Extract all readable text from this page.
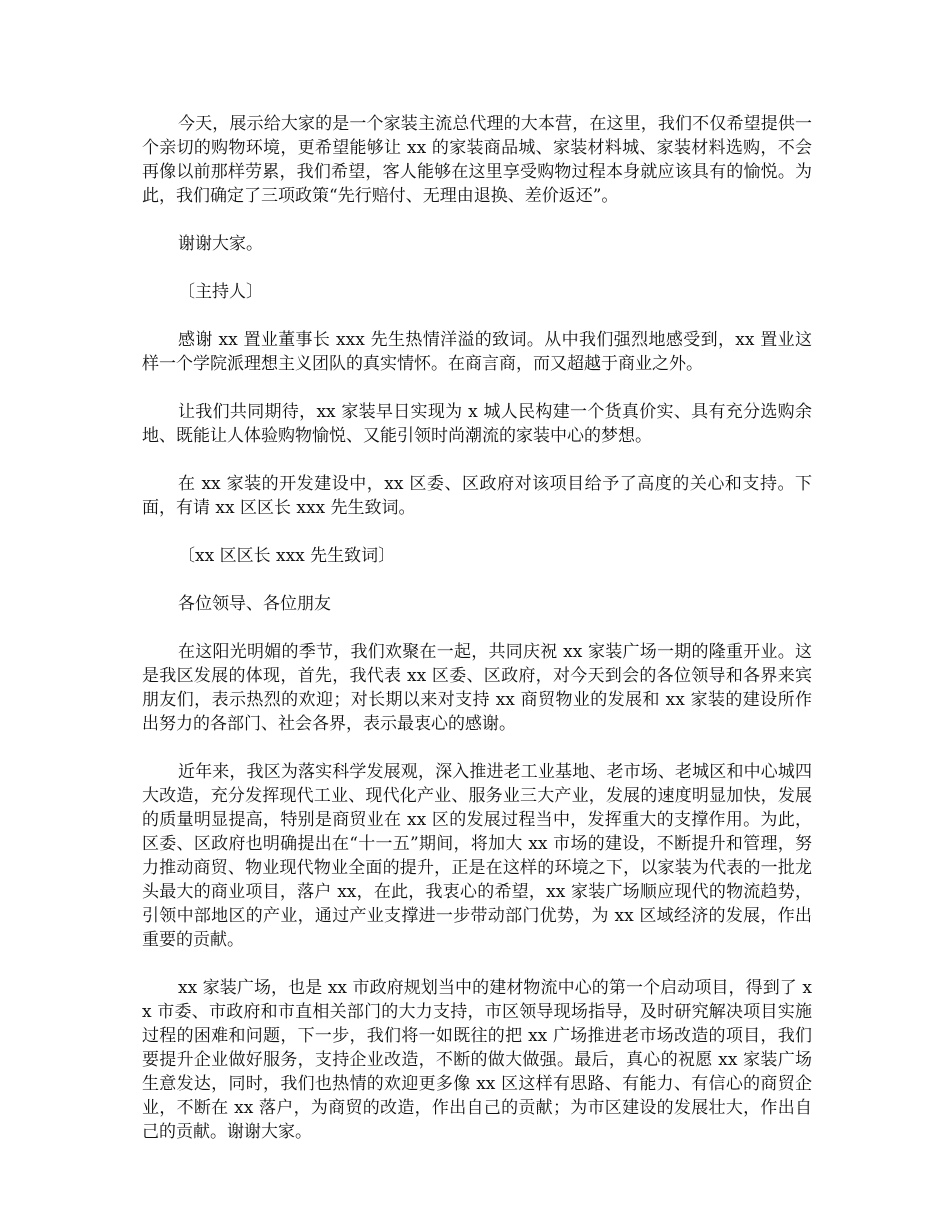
今天，展示给大家的是一个家装主流总代理的大本营，在这里，我们不仅希望提供一个亲切的购物环境，更希望能够让 xx 的家装商品城、家装材料城、家装材料选购，不会再像以前那样劳累，我们希望，客人能够在这里享受购物过程本身就应该具有的愉悦。为此，我们确定了三项政策“先行赔付、无理由退换、差价返还”。

谢谢大家。

〔主持人〕

感谢 xx 置业董事长 xxx 先生热情洋溢的致词。从中我们强烈地感受到，xx 置业这样一个学院派理想主义团队的真实情怀。在商言商，而又超越于商业之外。

让我们共同期待，xx 家装早日实现为 x 城人民构建一个货真价实、具有充分选购余地、既能让人体验购物愉悦、又能引领时尚潮流的家装中心的梦想。

在 xx 家装的开发建设中，xx 区委、区政府对该项目给予了高度的关心和支持。下面，有请 xx 区区长 xxx 先生致词。

〔xx 区区长 xxx 先生致词〕

各位领导、各位朋友

在这阳光明媚的季节，我们欢聚在一起，共同庆祝 xx 家装广场一期的隆重开业。这是我区发展的体现，首先，我代表 xx 区委、区政府，对今天到会的各位领导和各界来宾朋友们，表示热烈的欢迎；对长期以来对支持 xx 商贸物业的发展和 xx 家装的建设所作出努力的各部门、社会各界，表示最衷心的感谢。

近年来，我区为落实科学发展观，深入推进老工业基地、老市场、老城区和中心城四大改造，充分发挥现代工业、现代化产业、服务业三大产业，发展的速度明显加快，发展的质量明显提高，特别是商贸业在 xx 区的发展过程当中，发挥重大的支撑作用。为此，区委、区政府也明确提出在“十一五”期间，将加大 xx 市场的建设，不断提升和管理，努力推动商贸、物业现代物业全面的提升，正是在这样的环境之下，以家装为代表的一批龙头最大的商业项目，落户 xx，在此，我衷心的希望，xx 家装广场顺应现代的物流趋势，引领中部地区的产业，通过产业支撑进一步带动部门优势，为 xx 区域经济的发展，作出重要的贡献。

xx 家装广场，也是 xx 市政府规划当中的建材物流中心的第一个启动项目，得到了 xx 市委、市政府和市直相关部门的大力支持，市区领导现场指导，及时研究解决项目实施过程的困难和问题，下一步，我们将一如既往的把 xx 广场推进老市场改造的项目，我们要提升企业做好服务，支持企业改造，不断的做大做强。最后，真心的祝愿 xx 家装广场生意发达，同时，我们也热情的欢迎更多像 xx 区这样有思路、有能力、有信心的商贸企业，不断在 xx 落户，为商贸的改造，作出自己的贡献；为市区建设的发展壮大，作出自己的贡献。谢谢大家。
